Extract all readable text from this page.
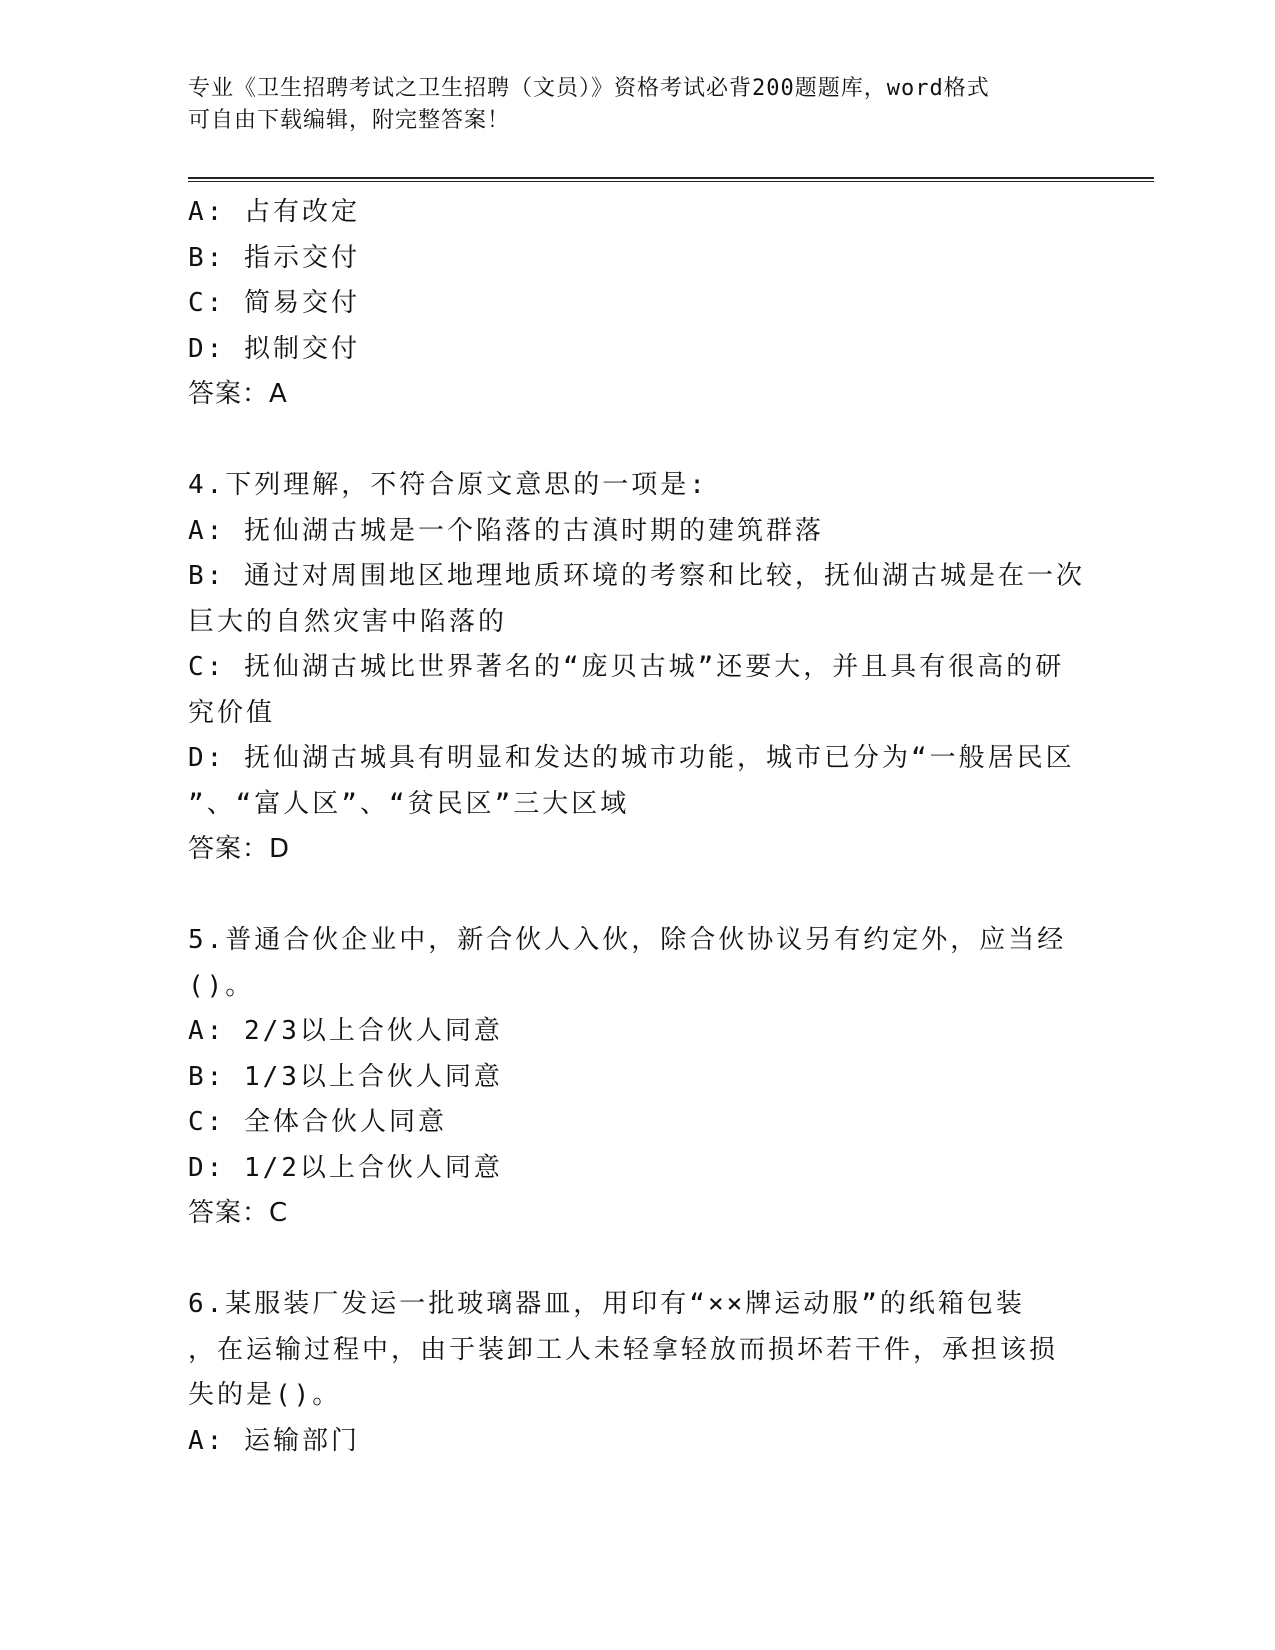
专业《卫生招聘考试之卫生招聘（文员）》资格考试必背200题题库，word格式
可自由下载编辑，附完整答案！
A: 占有改定
B: 指示交付
C: 简易交付
D: 拟制交付
答案：A
4.下列理解，不符合原文意思的一项是:
A: 抚仙湖古城是一个陷落的古滇时期的建筑群落
B: 通过对周围地区地理地质环境的考察和比较，抚仙湖古城是在一次
巨大的自然灾害中陷落的
C: 抚仙湖古城比世界著名的“庞贝古城”还要大，并且具有很高的研
究价值
D: 抚仙湖古城具有明显和发达的城市功能，城市已分为“一般居民区
”、“富人区”、“贫民区”三大区域
答案：D
5.普通合伙企业中，新合伙人入伙，除合伙协议另有约定外，应当经
()。
A: 2/3以上合伙人同意
B: 1/3以上合伙人同意
C: 全体合伙人同意
D: 1/2以上合伙人同意
答案：C
6.某服装厂发运一批玻璃器皿，用印有“××牌运动服”的纸箱包装
，在运输过程中，由于装卸工人未轻拿轻放而损坏若干件，承担该损
失的是()。
A: 运输部门
